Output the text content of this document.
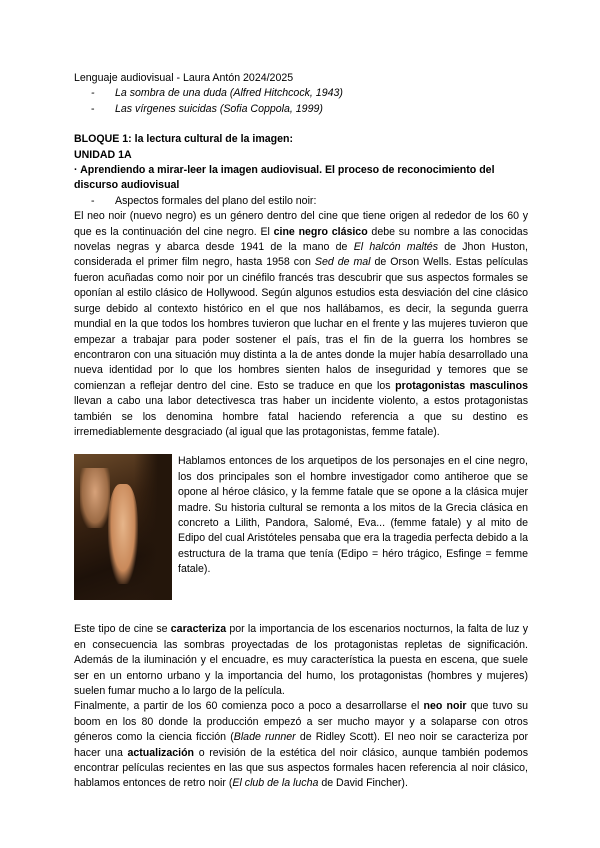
Lenguaje audiovisual - Laura Antón 2024/2025
- La sombra de una duda (Alfred Hitchcock, 1943)
- Las vírgenes suicidas (Sofia Coppola, 1999)
BLOQUE 1: la lectura cultural de la imagen:
UNIDAD 1A
· Aprendiendo a mirar-leer la imagen audiovisual. El proceso de reconocimiento del
discurso audiovisual
- Aspectos formales del plano del estilo noir:

El neo noir (nuevo negro) es un género dentro del cine que tiene origen al rededor de los 60 y que es la continuación del cine negro. El cine negro clásico debe su nombre a las conocidas novelas negras y abarca desde 1941 de la mano de El halcón maltés de Jhon Huston, considerada el primer film negro, hasta 1958 con Sed de mal de Orson Wells. Estas películas fueron acuñadas como noir por un cinéfilo francés tras descubrir que sus aspectos formales se oponían al estilo clásico de Hollywood. Según algunos estudios esta desviación del cine clásico surge debido al contexto histórico en el que nos hallábamos, es decir, la segunda guerra mundial en la que todos los hombres tuvieron que luchar en el frente y las mujeres tuvieron que empezar a trabajar para poder sostener el país, tras el fin de la guerra los hombres se encontraron con una situación muy distinta a la de antes donde la mujer había desarrollado una nueva identidad por lo que los hombres sienten halos de inseguridad y temores que se comienzan a reflejar dentro del cine. Esto se traduce en que los protagonistas masculinos llevan a cabo una labor detectivesca tras haber un incidente violento, a estos protagonistas también se los denomina hombre fatal haciendo referencia a que su destino es irremediablemente desgraciado (al igual que las protagonistas, femme fatale).

Hablamos entonces de los arquetipos de los personajes en el cine negro, los dos principales son el hombre investigador como antiheroe que se opone al héroe clásico, y la femme fatale que se opone a la clásica mujer madre. Su historia cultural se remonta a los mitos de la Grecia clásica en concreto a Lilith, Pandora, Salomé, Eva... (femme fatale) y al mito de Edipo del cual Aristóteles pensaba que era la tragedia perfecta debido a la estructura de la trama que tenía (Edipo = héro trágico, Esfinge = femme fatale).

Este tipo de cine se caracteriza por la importancia de los escenarios nocturnos, la falta de luz y en consecuencia las sombras proyectadas de los protagonistas repletas de significación. Además de la iluminación y el encuadre, es muy característica la puesta en escena, que suele ser en un entorno urbano y la importancia del humo, los protagonistas (hombres y mujeres) suelen fumar mucho a lo largo de la película.

Finalmente, a partir de los 60 comienza poco a poco a desarrollarse el neo noir que tuvo su boom en los 80 donde la producción empezó a ser mucho mayor y a solaparse con otros géneros como la ciencia ficción (Blade runner de Ridley Scott). El neo noir se caracteriza por hacer una actualización o revisión de la estética del noir clásico, aunque también podemos encontrar películas recientes en las que sus aspectos formales hacen referencia al noir clásico, hablamos entonces de retro noir (El club de la lucha de David Fincher).
